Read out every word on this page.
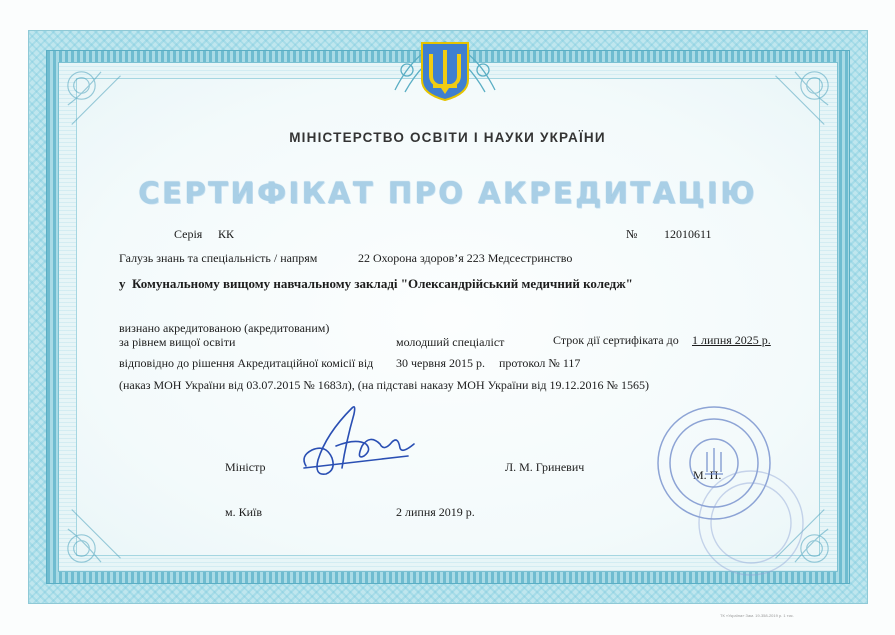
МІНІСТЕРСТВО ОСВІТИ І НАУКИ УКРАЇНИ
СЕРТИФІКАТ ПРО АКРЕДИТАЦІЮ
Серія КК	№ 12010611
Галузь знань та спеціальність / напрям	22 Охорона здоров’я 223 Медсестринство
у Комунальному вищому навчальному закладі "Олександрійський медичний коледж"
визнано акредитованою (акредитованим)
за рівнем вищої освіти	молодший спеціаліст	Строк дії сертифіката до 1 липня 2025 р.
відповідно до рішення Акредитаційної комісії від 30 червня 2015 р. протокол № 117
(наказ МОН України від 03.07.2015 № 1683л), (на підставі наказу МОН України від 19.12.2016 № 1565)
Міністр	Л. М. Гриневич
М. П.
м. Київ	2 липня 2019 р.
ТК «Україна» Зам. 19-358-2019 р. 1 тис.
